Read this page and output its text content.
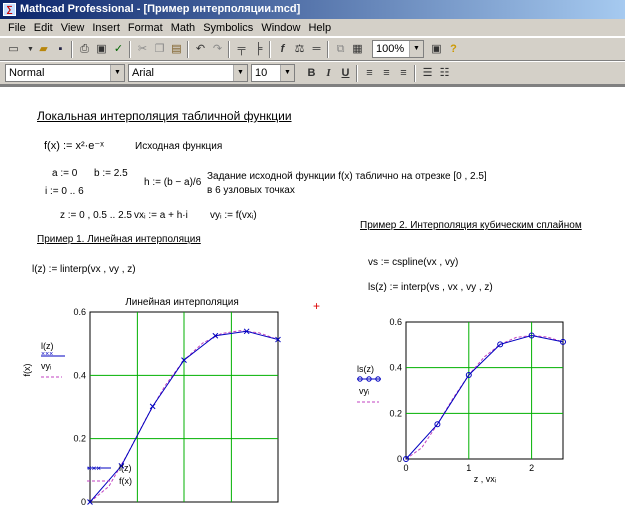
∑ Mathcad Professional - [Пример интерполяции.mcd]
File Edit View Insert Format Math Symbolics Window Help
▭	▼ ▰ ▪	⎙ ▣ ✓	✂ ❐ ▤	↶ ↷	╤ ╞	f ⚖ ═	⧉ ▦	100%	▼ ▣ ?
Normal	▼	Arial	▼	10	▼	B I U	≡ ≡ ≡	☰ ☷
Локальная интерполяция табличной функции
f(x) := x²·e⁻ˣ	Исходная функция
a := 0 b := 2.5
i := 0 .. 6
h := (b − a)/6
Задание исходной функции f(x) таблично на отрезке [0 , 2.5]
в 6 узловых точках
z := 0 , 0.5 .. 2.5 vxᵢ := a + h·i vyᵢ := f(vxᵢ)
Пример 1. Линейная интерполяция
Пример 2. Интерполяция кубическим сплайном
l(z) := linterp(vx , vy , z)
vs := cspline(vx , vy)
ls(z) := interp(vs , vx , vy , z)
+
Линейная интерполяция
f(x)
l(z)
×××
vyᵢ
0
0.2
0.4
0.6
××× l(z)
f(x)
ls(z)
vyᵢ
0
0.2
0.4
0.6
0	1	2
z , vxᵢ
